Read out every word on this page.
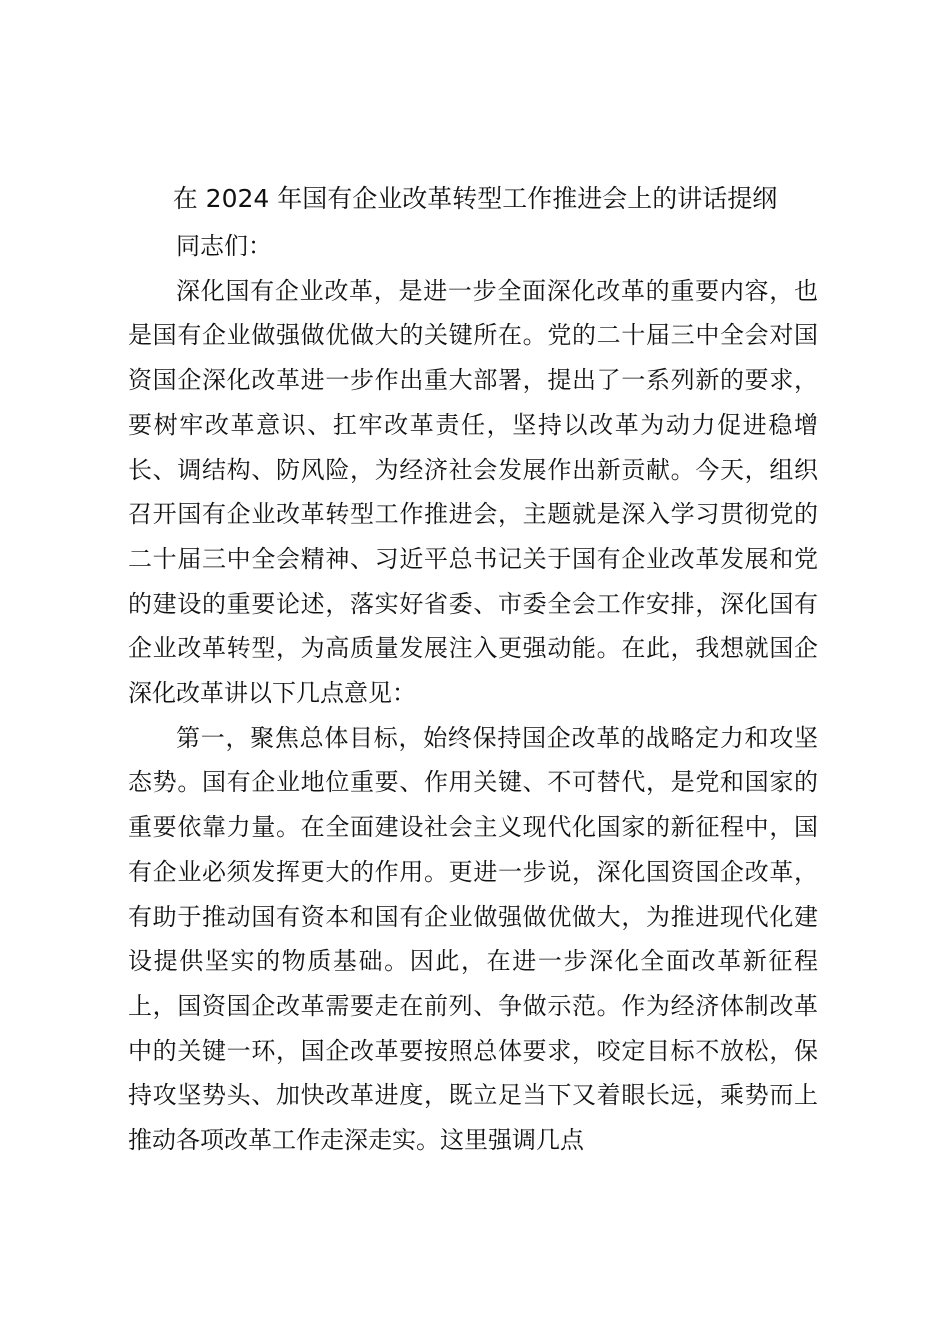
在 2024 年国有企业改革转型工作推进会上的讲话提纲

同志们：

深化国有企业改革，是进一步全面深化改革的重要内容，也是国有企业做强做优做大的关键所在。党的二十届三中全会对国资国企深化改革进一步作出重大部署，提出了一系列新的要求，要树牢改革意识、扛牢改革责任，坚持以改革为动力促进稳增长、调结构、防风险，为经济社会发展作出新贡献。今天，组织召开国有企业改革转型工作推进会，主题就是深入学习贯彻党的二十届三中全会精神、习近平总书记关于国有企业改革发展和党的建设的重要论述，落实好省委、市委全会工作安排，深化国有企业改革转型，为高质量发展注入更强动能。在此，我想就国企深化改革讲以下几点意见：

第一，聚焦总体目标，始终保持国企改革的战略定力和攻坚态势。国有企业地位重要、作用关键、不可替代，是党和国家的重要依靠力量。在全面建设社会主义现代化国家的新征程中，国有企业必须发挥更大的作用。更进一步说，深化国资国企改革，有助于推动国有资本和国有企业做强做优做大，为推进现代化建设提供坚实的物质基础。因此，在进一步深化全面改革新征程上，国资国企改革需要走在前列、争做示范。作为经济体制改革中的关键一环，国企改革要按照总体要求，咬定目标不放松，保持攻坚势头、加快改革进度，既立足当下又着眼长远，乘势而上推动各项改革工作走深走实。这里强调几点
